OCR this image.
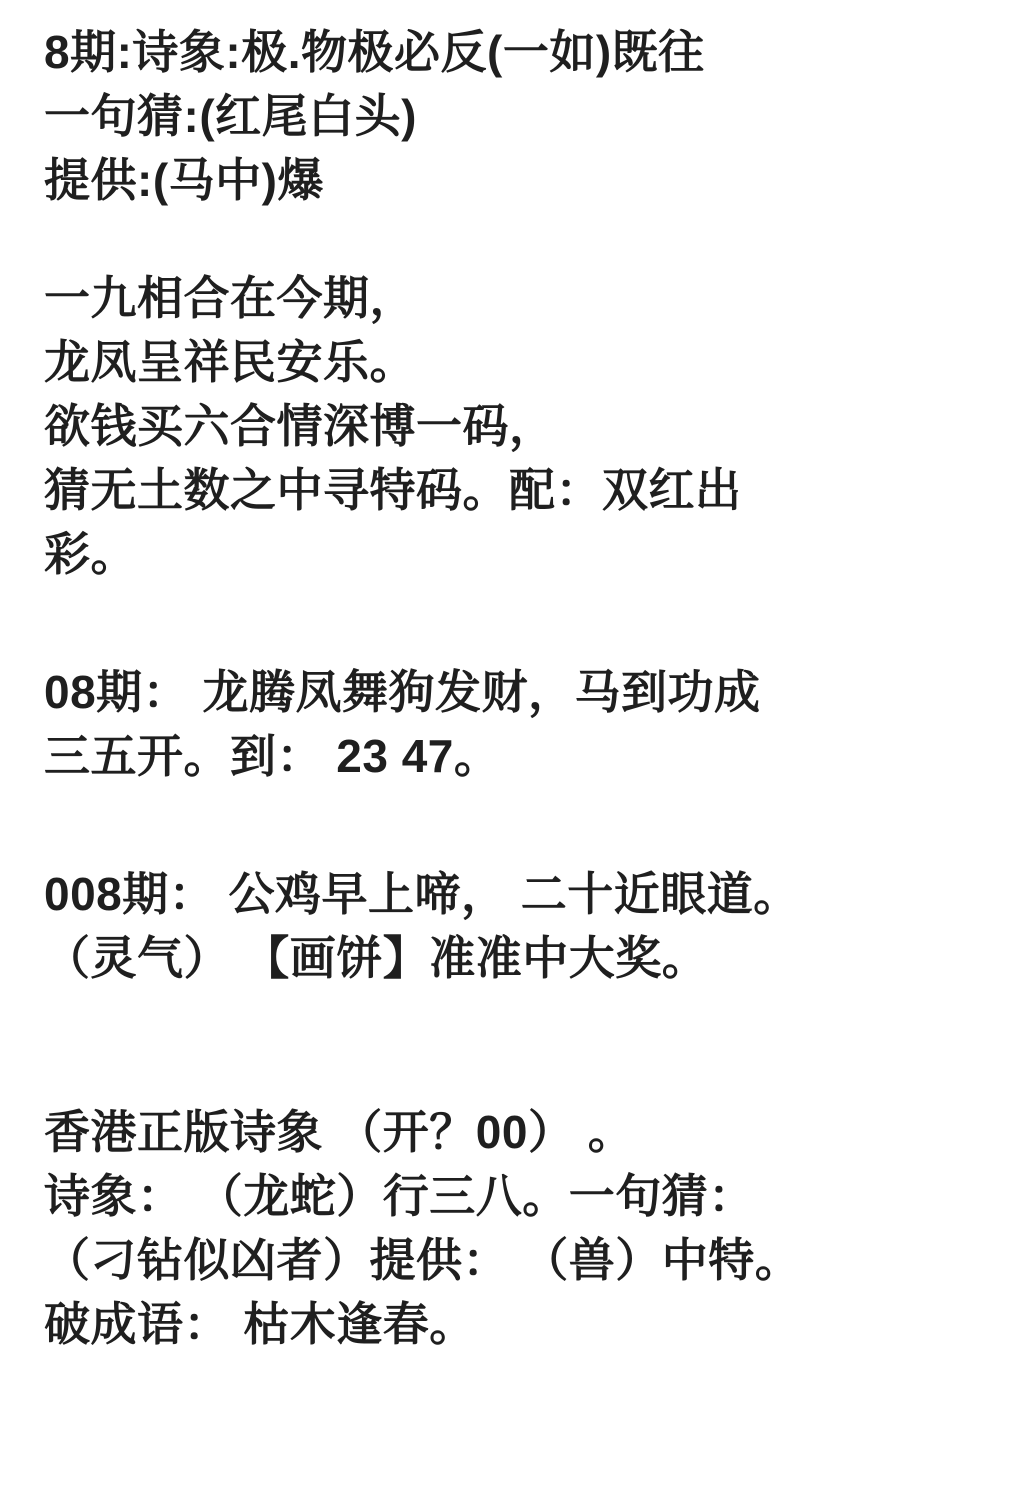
8期:诗象:极.物极必反(一如)既往
一句猜:(红尾白头)
提供:(马中)爆
一九相合在今期，
龙凤呈祥民安乐。
欲钱买六合情深博一码，
猜无土数之中寻特码。配：双红出
彩。
08期： 龙腾凤舞狗发财，马到功成
三五开。到： 23 47。
008期： 公鸡早上啼， 二十近眼道。
（灵气） 【画饼】准准中大奖。
香港正版诗象 （开？00） 。
诗象： （龙蛇）行三八。一句猜：
（刁钻似凶者）提供： （兽）中特。
破成语： 枯木逢春。
